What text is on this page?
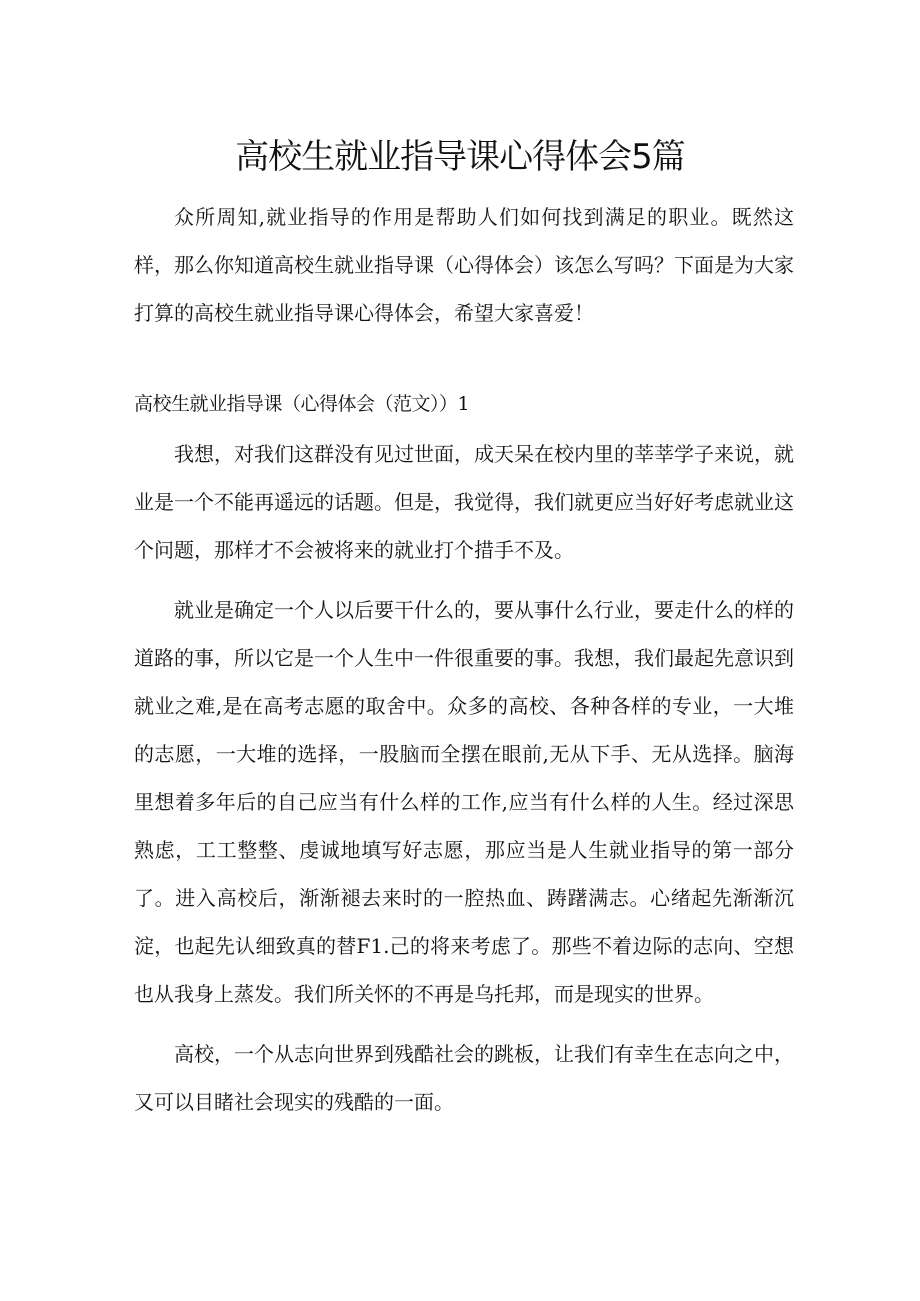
高校生就业指导课心得体会5篇

众所周知,就业指导的作用是帮助人们如何找到满足的职业。既然这样，那么你知道高校生就业指导课（心得体会）该怎么写吗？下面是为大家打算的高校生就业指导课心得体会，希望大家喜爱！

高校生就业指导课（心得体会（范文））1

我想，对我们这群没有见过世面，成天呆在校内里的莘莘学子来说，就业是一个不能再遥远的话题。但是，我觉得，我们就更应当好好考虑就业这个问题，那样才不会被将来的就业打个措手不及。

就业是确定一个人以后要干什么的，要从事什么行业，要走什么的样的道路的事，所以它是一个人生中一件很重要的事。我想，我们最起先意识到就业之难,是在高考志愿的取舍中。众多的高校、各种各样的专业，一大堆的志愿，一大堆的选择，一股脑而全摆在眼前,无从下手、无从选择。脑海里想着多年后的自己应当有什么样的工作,应当有什么样的人生。经过深思熟虑，工工整整、虔诚地填写好志愿，那应当是人生就业指导的第一部分了。进入高校后，渐渐褪去来时的一腔热血、踌躇满志。心绪起先渐渐沉淀，也起先认细致真的替F1.己的将来考虑了。那些不着边际的志向、空想也从我身上蒸发。我们所关怀的不再是乌托邦，而是现实的世界。

高校，一个从志向世界到残酷社会的跳板，让我们有幸生在志向之中，又可以目睹社会现实的残酷的一面。
